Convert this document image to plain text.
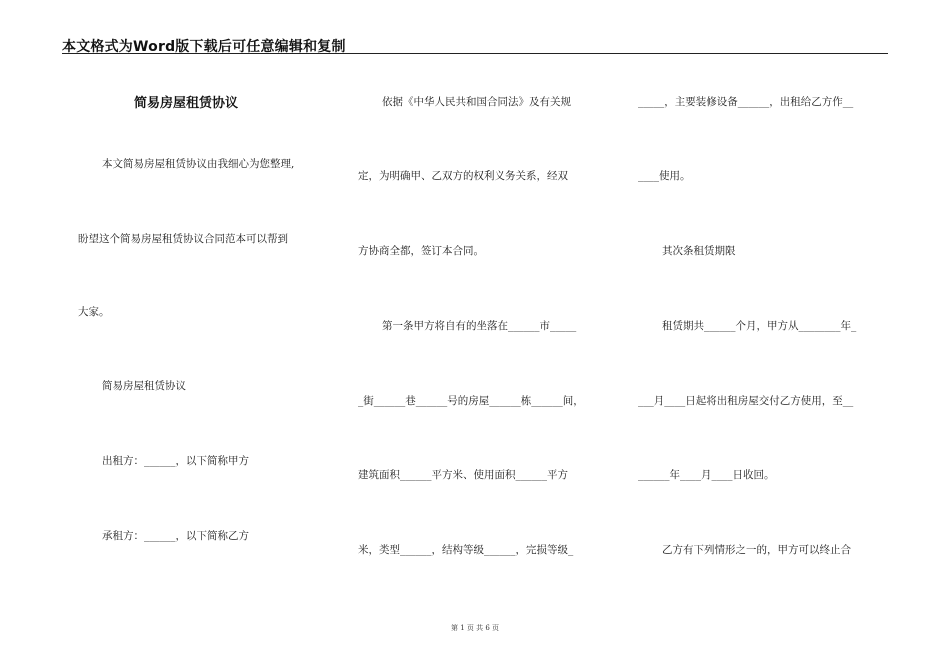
本文格式为Word版下载后可任意编辑和复制
简易房屋租赁协议
本文简易房屋租赁协议由我细心为您整理,
盼望这个简易房屋租赁协议合同范本可以帮到
大家。
简易房屋租赁协议
出租方：______，以下简称甲方
承租方：______，以下简称乙方
依据《中华人民共和国合同法》及有关规
定，为明确甲、乙双方的权利义务关系，经双
方协商全都，签订本合同。
第一条甲方将自有的坐落在______市_____
_街______巷______号的房屋______栋______间，
建筑面积______平方米、使用面积______平方
米，类型______，结构等级______，完损等级_
_____，主要装修设备______，出租给乙方作__
____使用。
其次条租赁期限
租赁期共______个月，甲方从________年_
___月____日起将出租房屋交付乙方使用，至__
______年____月____日收回。
乙方有下列情形之一的，甲方可以终止合
第 1 页 共 6 页
